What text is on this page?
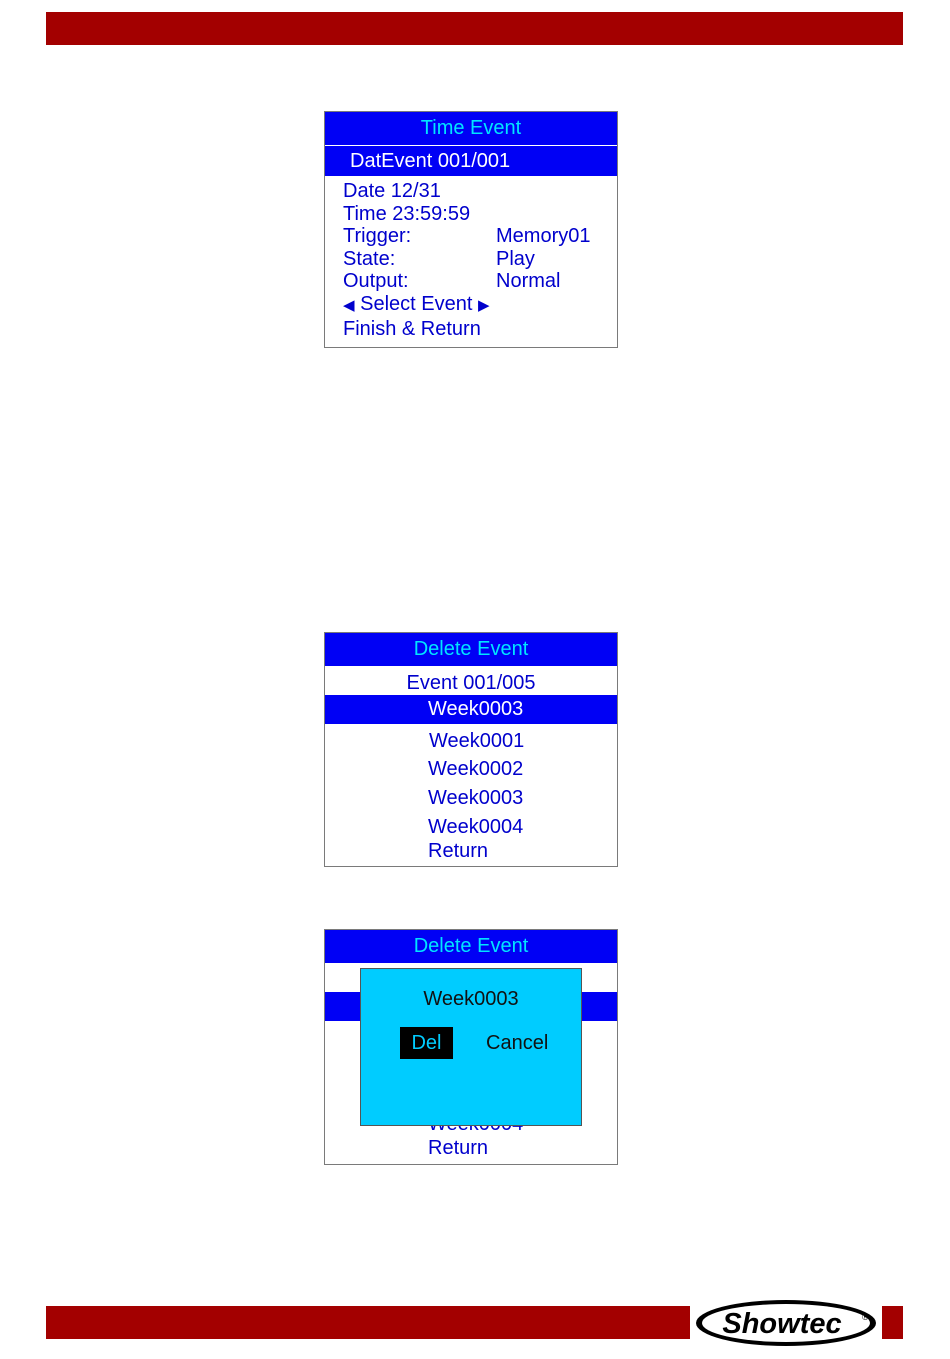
Showtec ®
Time Event
DatEvent 001/001
Date 12/31
Time 23:59:59
Trigger:	Memory01
State:	Play
Output:	Normal
◀ Select Event ▶
Finish & Return
Delete Event
Event 001/005
Week0003
Week0001
Week0002
Week0003
Week0004
Return
Delete Event
Return
Week0003
Del	Cancel
